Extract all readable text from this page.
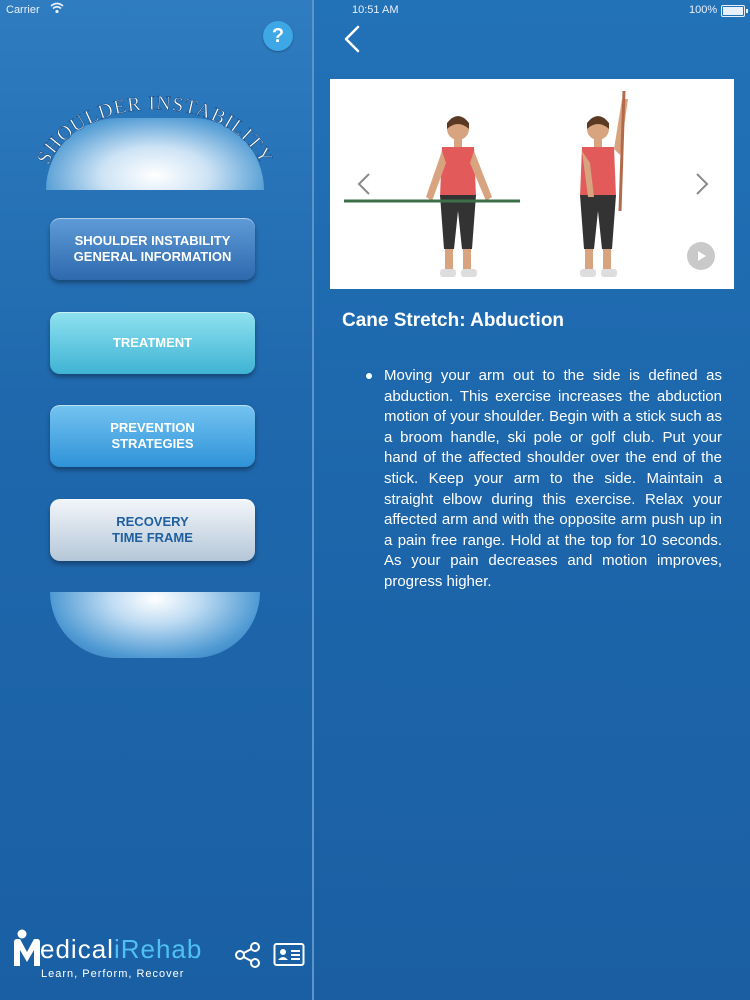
Carrier	10:51 AM	100%
?
SHOULDER INSTABILITY
SHOULDER INSTABILITY
GENERAL INFORMATION
TREATMENT
PREVENTION
STRATEGIES
RECOVERY
TIME FRAME
edicaliRehab
Learn, Perform, Recover
Cane Stretch: Abduction
Moving your arm out to the side is defined as abduction. This exercise increases the abduction motion of your shoulder. Begin with a stick such as a broom handle, ski pole or golf club. Put your hand of the affected shoulder over the end of the stick. Keep your arm to the side. Maintain a straight elbow during this exercise. Relax your affected arm and with the opposite arm push up in a pain free range. Hold at the top for 10 seconds. As your pain decreases and motion improves, progress higher.
